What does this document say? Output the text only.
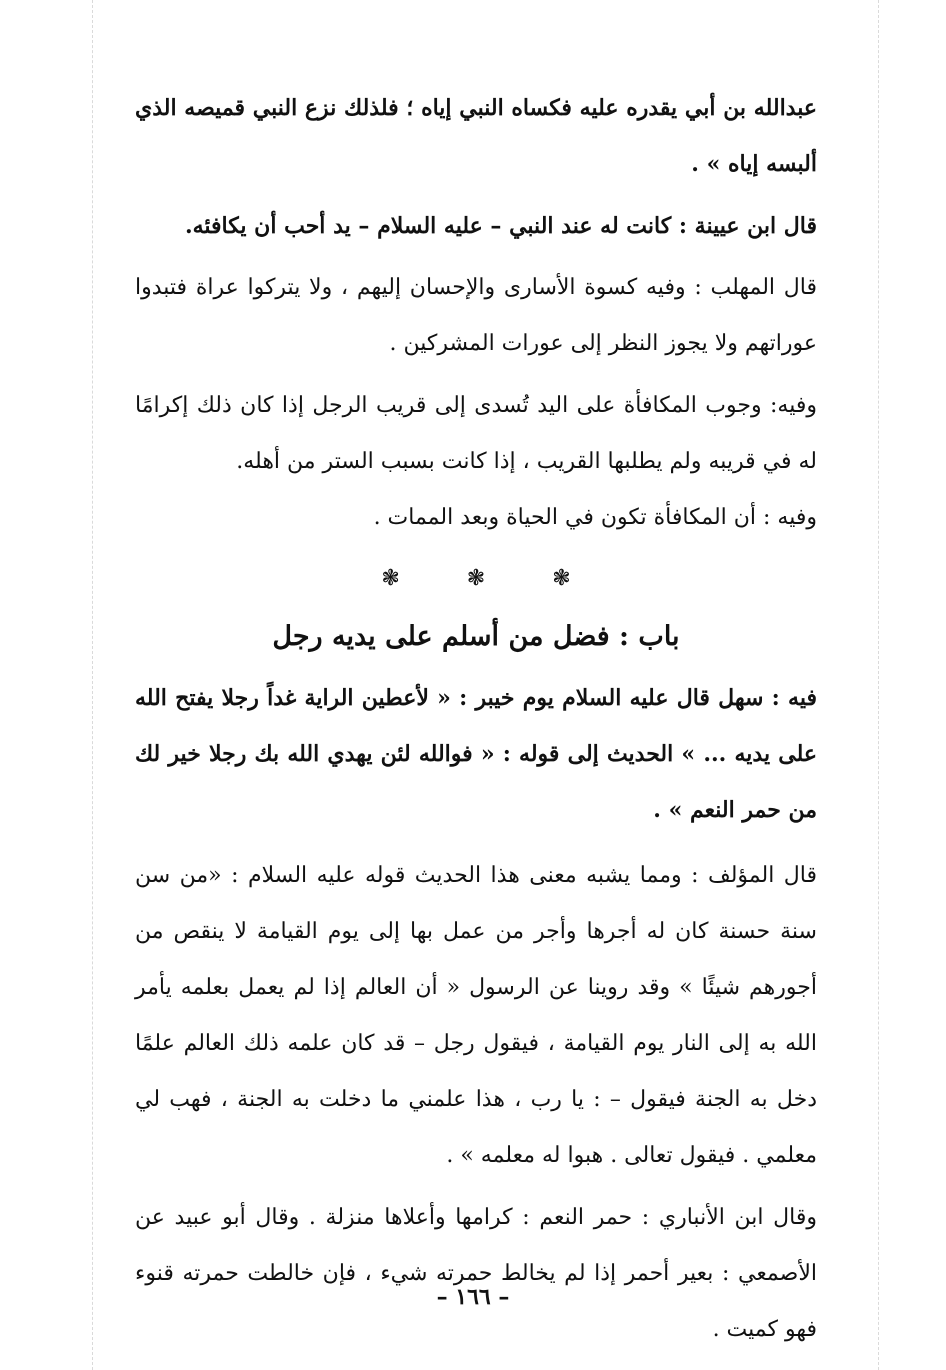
عبدالله بن أبي يقدره عليه فكساه النبي إياه ؛ فلذلك نزع النبي قميصه الذي ألبسه إياه » .

قال ابن عيينة : كانت له عند النبي – عليه السلام – يد أحب أن يكافئه.

قال المهلب : وفيه كسوة الأسارى والإحسان إليهم ، ولا يتركوا عراة فتبدوا عوراتهم ولا يجوز النظر إلى عورات المشركين .

وفيه: وجوب المكافأة على اليد تُسدى إلى قريب الرجل إذا كان ذلك إكرامًا له في قريبه ولم يطلبها القريب ، إذا كانت بسبب الستر من أهله.

وفيه : أن المكافأة تكون في الحياة وبعد الممات .

❃	❃	❃
باب : فضل من أسلم على يديه رجل

فيه : سهل قال عليه السلام يوم خيبر : « لأعطين الراية غداً رجلا يفتح الله على يديه ... » الحديث إلى قوله : « فوالله لئن يهدي الله بك رجلا خير لك من حمر النعم » .

قال المؤلف : ومما يشبه معنى هذا الحديث قوله عليه السلام : «من سن سنة حسنة كان له أجرها وأجر من عمل بها إلى يوم القيامة لا ينقص من أجورهم شيئًا » وقد روينا عن الرسول « أن العالم إذا لم يعمل بعلمه يأمر الله به إلى النار يوم القيامة ، فيقول رجل – قد كان علمه ذلك العالم علمًا دخل به الجنة فيقول – : يا رب ، هذا علمني ما دخلت به الجنة ، فهب لي معلمي . فيقول تعالى . هبوا له معلمه » .

وقال ابن الأنباري : حمر النعم : كرامها وأعلاها منزلة . وقال أبو عبيد عن الأصمعي : بعير أحمر إذا لم يخالط حمرته شيء ، فإن خالطت حمرته قنوء فهو كميت .

– ١٦٦ –
